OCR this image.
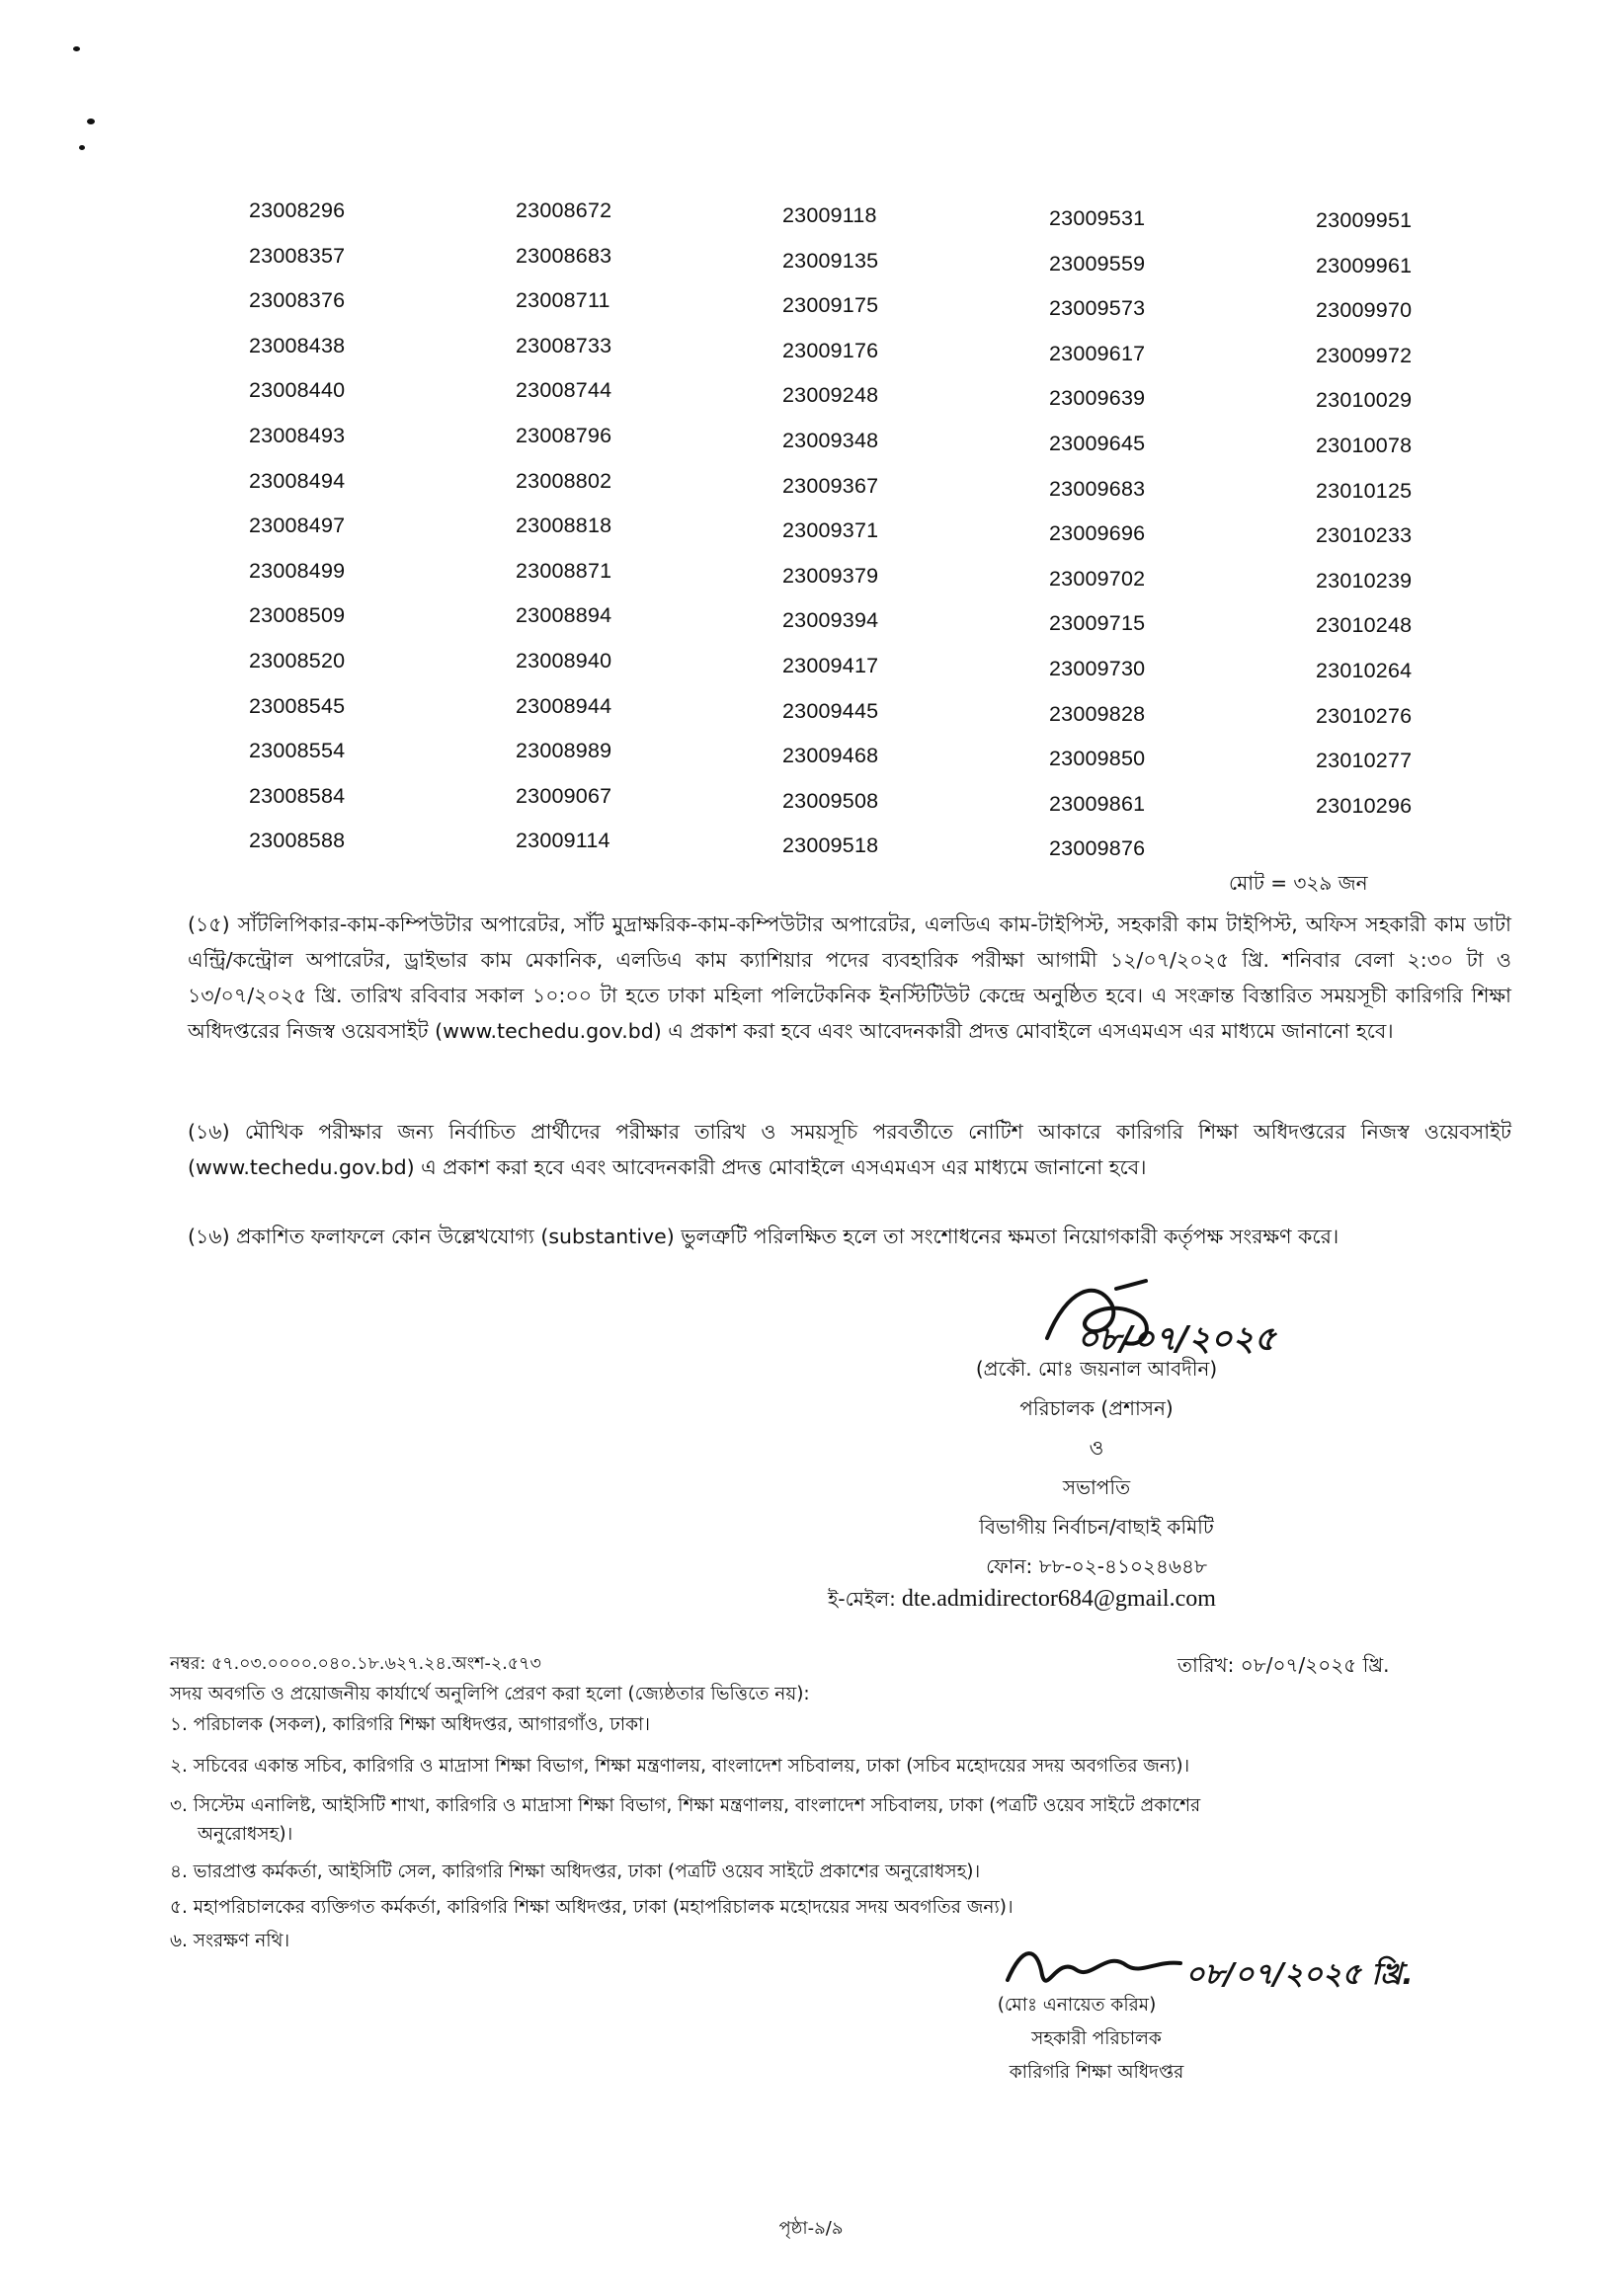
23008296
23008357
23008376
23008438
23008440
23008493
23008494
23008497
23008499
23008509
23008520
23008545
23008554
23008584
23008588
23008672
23008683
23008711
23008733
23008744
23008796
23008802
23008818
23008871
23008894
23008940
23008944
23008989
23009067
23009114
23009118
23009135
23009175
23009176
23009248
23009348
23009367
23009371
23009379
23009394
23009417
23009445
23009468
23009508
23009518
23009531
23009559
23009573
23009617
23009639
23009645
23009683
23009696
23009702
23009715
23009730
23009828
23009850
23009861
23009876
23009951
23009961
23009970
23009972
23010029
23010078
23010125
23010233
23010239
23010248
23010264
23010276
23010277
23010296
মোট = ৩২৯ জন
(১৫) সাঁটলিপিকার-কাম-কম্পিউটার অপারেটর, সাঁট মুদ্রাক্ষরিক-কাম-কম্পিউটার অপারেটর, এলডিএ কাম-টাইপিস্ট, সহকারী কাম টাইপিস্ট, অফিস সহকারী কাম ডাটা এন্ট্রি/কন্ট্রোল অপারেটর, ড্রাইভার কাম মেকানিক, এলডিএ কাম ক্যাশিয়ার পদের ব্যবহারিক পরীক্ষা আগামী ১২/০৭/২০২৫ খ্রি. শনিবার বেলা ২:৩০ টা ও ১৩/০৭/২০২৫ খ্রি. তারিখ রবিবার সকাল ১০:০০ টা হতে ঢাকা মহিলা পলিটেকনিক ইনস্টিটিউট কেন্দ্রে অনুষ্ঠিত হবে। এ সংক্রান্ত বিস্তারিত সময়সূচী কারিগরি শিক্ষা অধিদপ্তরের নিজস্ব ওয়েবসাইট (www.techedu.gov.bd) এ প্রকাশ করা হবে এবং আবেদনকারী প্রদত্ত মোবাইলে এসএমএস এর মাধ্যমে জানানো হবে।
(১৬) মৌখিক পরীক্ষার জন্য নির্বাচিত প্রার্থীদের পরীক্ষার তারিখ ও সময়সূচি পরবর্তীতে নোটিশ আকারে কারিগরি শিক্ষা অধিদপ্তরের নিজস্ব ওয়েবসাইট (www.techedu.gov.bd) এ প্রকাশ করা হবে এবং আবেদনকারী প্রদত্ত মোবাইলে এসএমএস এর মাধ্যমে জানানো হবে।
(১৬) প্রকাশিত ফলাফলে কোন উল্লেখযোগ্য (substantive) ভুলত্রুটি পরিলক্ষিত হলে তা সংশোধনের ক্ষমতা নিয়োগকারী কর্তৃপক্ষ সংরক্ষণ করে।
০৮/০৭/২০২৫
(প্রকৌ. মোঃ জয়নাল আবদীন)
পরিচালক (প্রশাসন)
ও
সভাপতি
বিভাগীয় নির্বাচন/বাছাই কমিটি
ফোন: ৮৮-০২-৪১০২৪৬৪৮
ই-মেইল: dte.admidirector684@gmail.com
নম্বর: ৫৭.০৩.০০০০.০৪০.১৮.৬২৭.২৪.অংশ-২.৫৭৩	তারিখ: ০৮/০৭/২০২৫ খ্রি.
সদয় অবগতি ও প্রয়োজনীয় কার্যার্থে অনুলিপি প্রেরণ করা হলো (জ্যেষ্ঠতার ভিত্তিতে নয়):
১. পরিচালক (সকল), কারিগরি শিক্ষা অধিদপ্তর, আগারগাঁও, ঢাকা।
২. সচিবের একান্ত সচিব, কারিগরি ও মাদ্রাসা শিক্ষা বিভাগ, শিক্ষা মন্ত্রণালয়, বাংলাদেশ সচিবালয়, ঢাকা (সচিব মহোদয়ের সদয় অবগতির জন্য)।
৩. সিস্টেম এনালিষ্ট, আইসিটি শাখা, কারিগরি ও মাদ্রাসা শিক্ষা বিভাগ, শিক্ষা মন্ত্রণালয়, বাংলাদেশ সচিবালয়, ঢাকা (পত্রটি ওয়েব সাইটে প্রকাশের
অনুরোধসহ)।
৪. ভারপ্রাপ্ত কর্মকর্তা, আইসিটি সেল, কারিগরি শিক্ষা অধিদপ্তর, ঢাকা (পত্রটি ওয়েব সাইটে প্রকাশের অনুরোধসহ)।
৫. মহাপরিচালকের ব্যক্তিগত কর্মকর্তা, কারিগরি শিক্ষা অধিদপ্তর, ঢাকা (মহাপরিচালক মহোদয়ের সদয় অবগতির জন্য)।
৬. সংরক্ষণ নথি।
০৮/০৭/২০২৫ খ্রি.
(মোঃ এনায়েত করিম)
সহকারী পরিচালক
কারিগরি শিক্ষা অধিদপ্তর
পৃষ্ঠা-৯/৯
